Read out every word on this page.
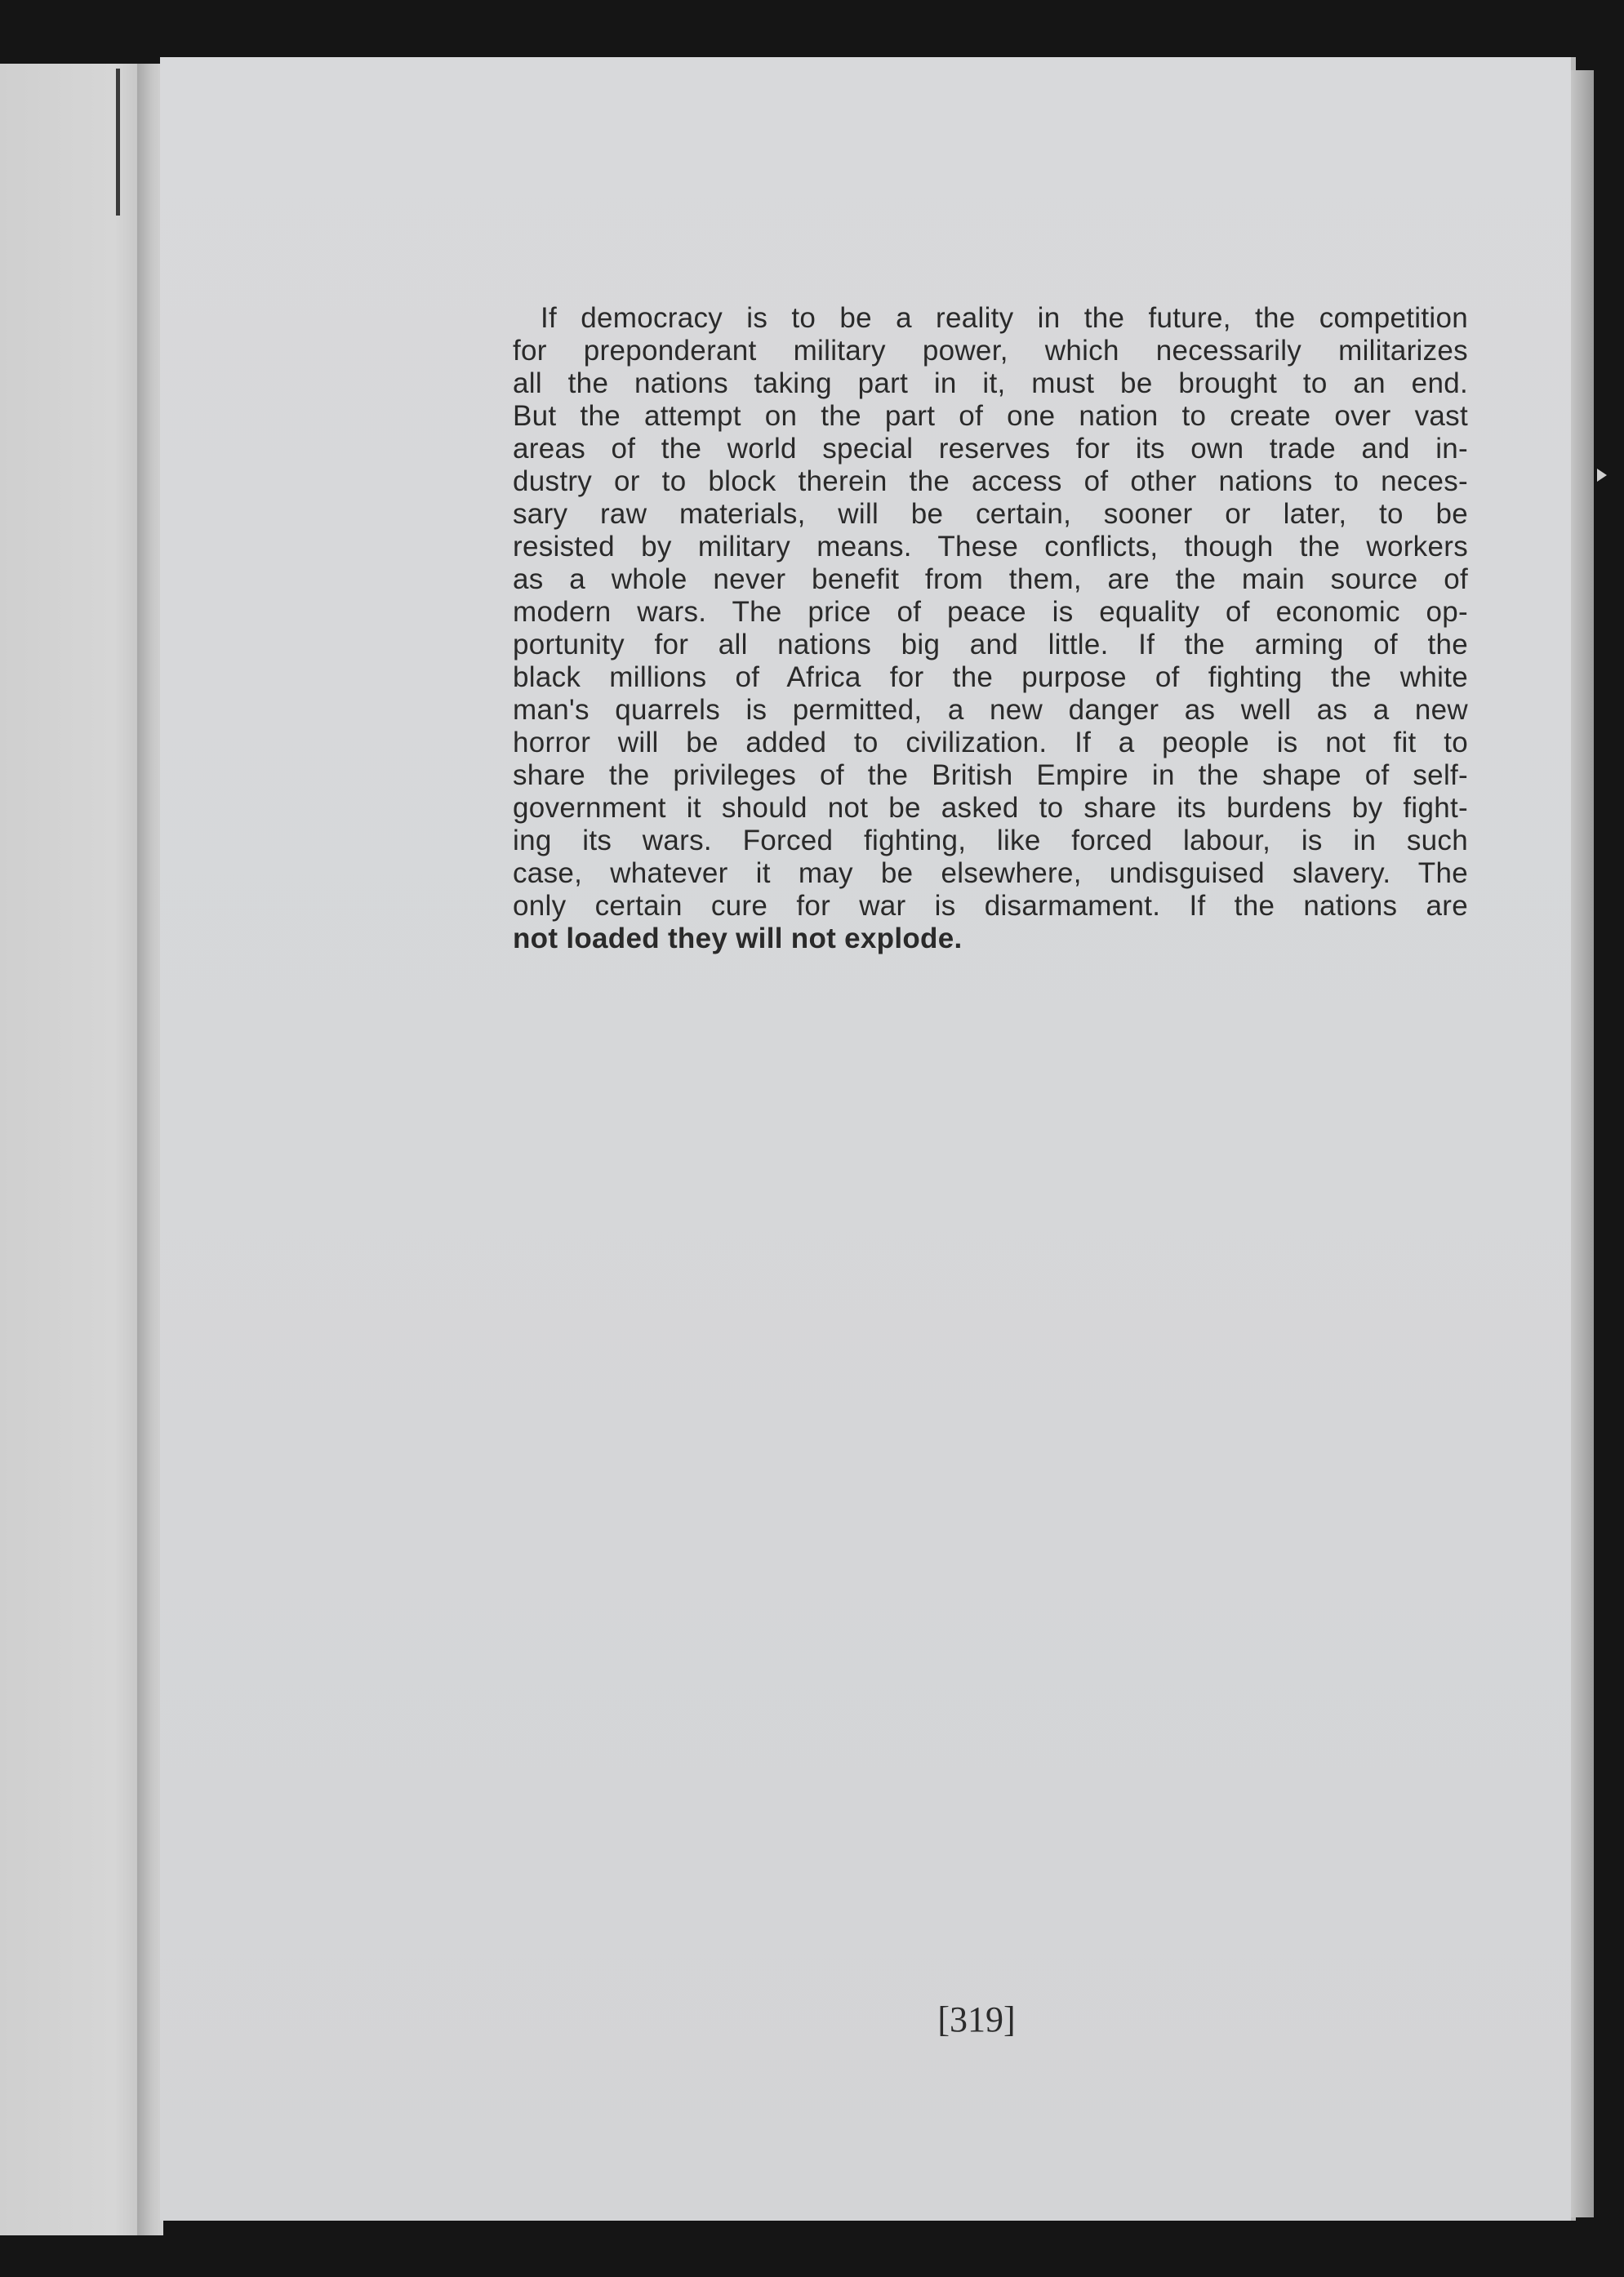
If democracy is to be a reality in the future, the competition
for preponderant military power, which necessarily militarizes
all the nations taking part in it, must be brought to an end.
But the attempt on the part of one nation to create over vast
areas of the world special reserves for its own trade and in-
dustry or to block therein the access of other nations to neces-
sary raw materials, will be certain, sooner or later, to be
resisted by military means. These conflicts, though the workers
as a whole never benefit from them, are the main source of
modern wars. The price of peace is equality of economic op-
portunity for all nations big and little. If the arming of the
black millions of Africa for the purpose of fighting the white
man's quarrels is permitted, a new danger as well as a new
horror will be added to civilization. If a people is not fit to
share the privileges of the British Empire in the shape of self-
government it should not be asked to share its burdens by fight-
ing its wars. Forced fighting, like forced labour, is in such
case, whatever it may be elsewhere, undisguised slavery. The
only certain cure for war is disarmament. If the nations are
not loaded they will not explode.
[319]
